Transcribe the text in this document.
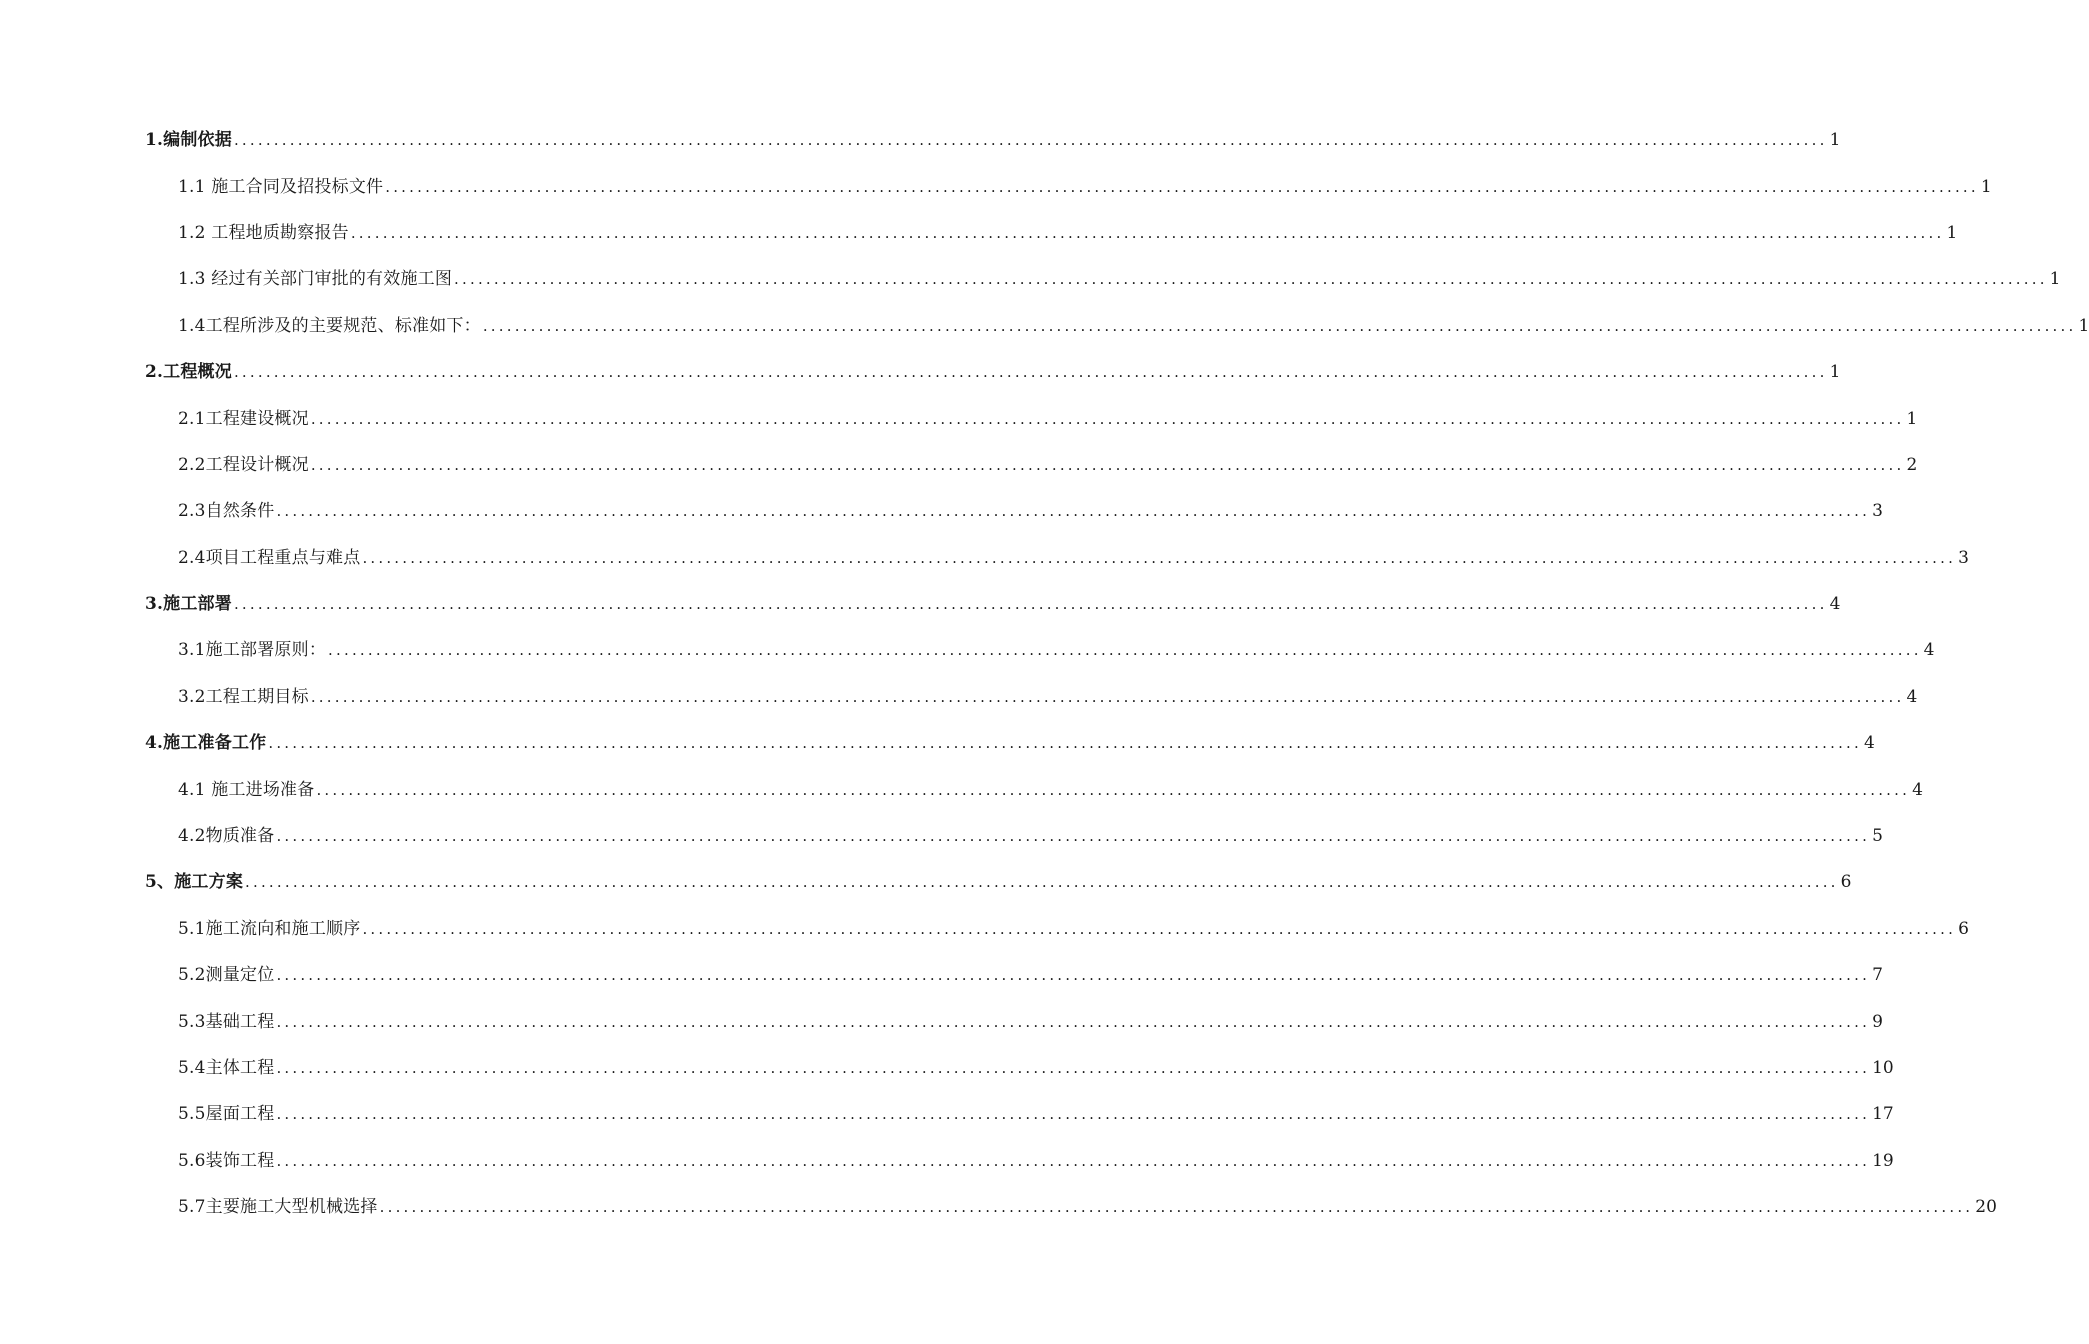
1.编制依据 ........................................................................................................................................................................................................ 1
1.1 施工合同及招投标文件 ........................................................................................................................................................................................................ 1
1.2 工程地质勘察报告 ........................................................................................................................................................................................................ 1
1.3 经过有关部门审批的有效施工图 ........................................................................................................................................................................................................ 1
1.4工程所涉及的主要规范、标准如下： ........................................................................................................................................................................................................ 1
2.工程概况 ........................................................................................................................................................................................................ 1
2.1工程建设概况 ........................................................................................................................................................................................................ 1
2.2工程设计概况 ........................................................................................................................................................................................................ 2
2.3自然条件 ........................................................................................................................................................................................................ 3
2.4项目工程重点与难点 ........................................................................................................................................................................................................ 3
3.施工部署 ........................................................................................................................................................................................................ 4
3.1施工部署原则： ........................................................................................................................................................................................................ 4
3.2工程工期目标 ........................................................................................................................................................................................................ 4
4.施工准备工作 ........................................................................................................................................................................................................ 4
4.1 施工进场准备 ........................................................................................................................................................................................................ 4
4.2物质准备 ........................................................................................................................................................................................................ 5
5、施工方案 ........................................................................................................................................................................................................ 6
5.1施工流向和施工顺序 ........................................................................................................................................................................................................ 6
5.2测量定位 ........................................................................................................................................................................................................ 7
5.3基础工程 ........................................................................................................................................................................................................ 9
5.4主体工程 ........................................................................................................................................................................................................ 10
5.5屋面工程 ........................................................................................................................................................................................................ 17
5.6装饰工程 ........................................................................................................................................................................................................ 19
5.7主要施工大型机械选择 ........................................................................................................................................................................................................ 20
